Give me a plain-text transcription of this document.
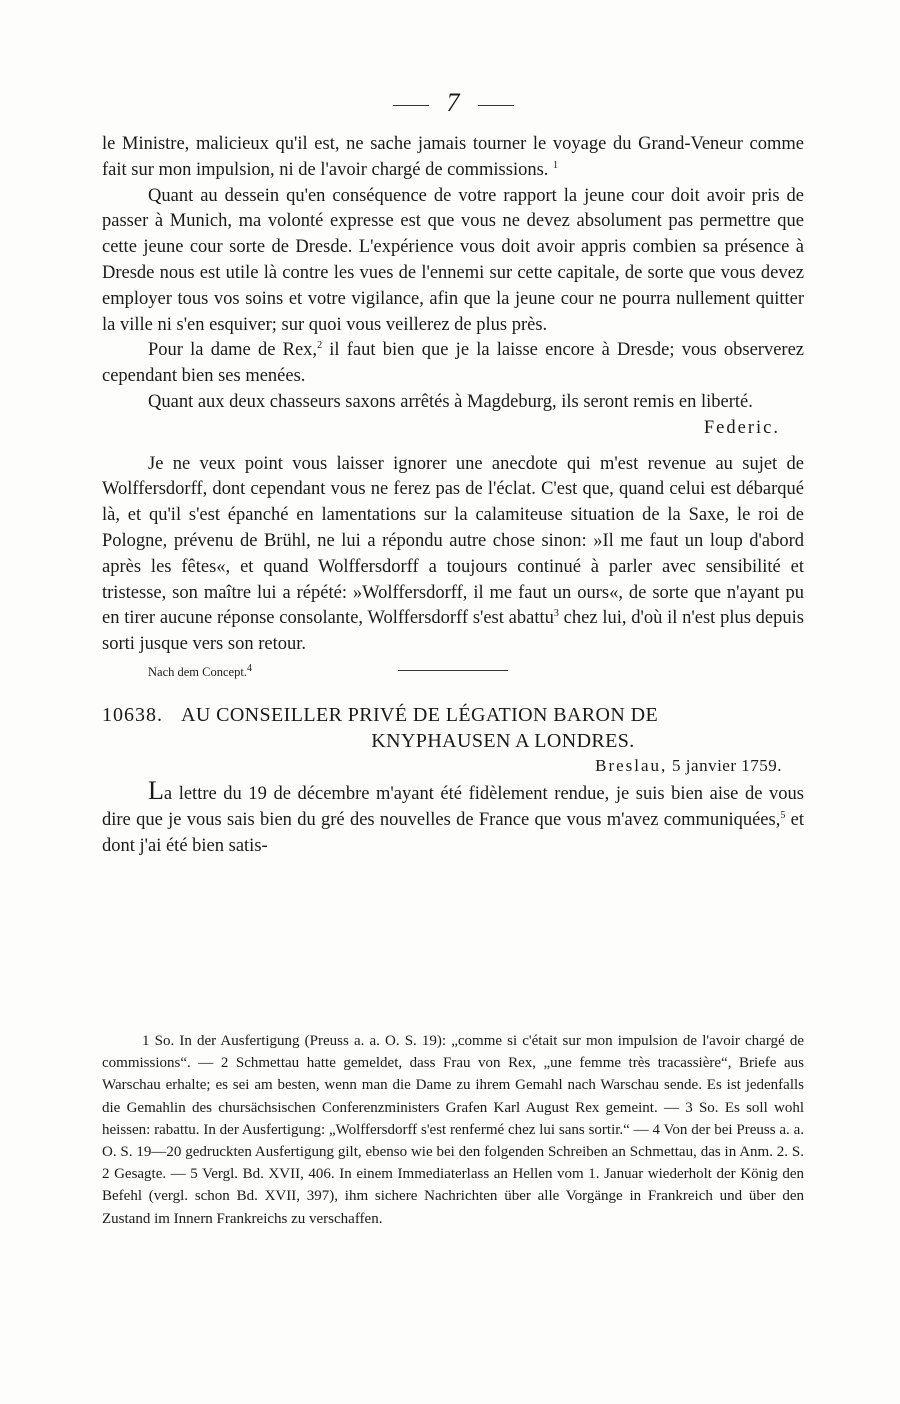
7

le Ministre, malicieux qu'il est, ne sache jamais tourner le voyage du Grand-Veneur comme fait sur mon impulsion, ni de l'avoir chargé de commissions. $^1$

Quant au dessein qu'en conséquence de votre rapport la jeune cour doit avoir pris de passer à Munich, ma volonté expresse est que vous ne devez absolument pas permettre que cette jeune cour sorte de Dresde. L'expérience vous doit avoir appris combien sa présence à Dresde nous est utile là contre les vues de l'ennemi sur cette capitale, de sorte que vous devez employer tous vos soins et votre vigilance, afin que la jeune cour ne pourra nullement quitter la ville ni s'en esquiver; sur quoi vous veillerez de plus près.

Pour la dame de Rex,$^2$ il faut bien que je la laisse encore à Dresde; vous observerez cependant bien ses menées.

Quant aux deux chasseurs saxons arrêtés à Magdeburg, ils seront remis en liberté.

Federic.

Je ne veux point vous laisser ignorer une anecdote qui m'est revenue au sujet de Wolffersdorff, dont cependant vous ne ferez pas de l'éclat. C'est que, quand celui est débarqué là, et qu'il s'est épanché en lamentations sur la calamiteuse situation de la Saxe, le roi de Pologne, prévenu de Brühl, ne lui a répondu autre chose sinon: »Il me faut un loup d'abord après les fêtes«, et quand Wolffersdorff a toujours continué à parler avec sensibilité et tristesse, son maître lui a répété: »Wolffersdorff, il me faut un ours«, de sorte que n'ayant pu en tirer aucune réponse consolante, Wolffersdorff s'est abattu$^3$ chez lui, d'où il n'est plus depuis sorti jusque vers son retour.

Nach dem Concept.$^4$
10638. AU CONSEILLER PRIVÉ DE LÉGATION BARON DE
KNYPHAUSEN A LONDRES.
Breslau, 5 janvier 1759.

La lettre du 19 de décembre m'ayant été fidèlement rendue, je suis bien aise de vous dire que je vous sais bien du gré des nouvelles de France que vous m'avez communiquées,$^5$ et dont j'ai été bien satis-

1 So. In der Ausfertigung (Preuss a. a. O. S. 19): „comme si c'était sur mon impulsion de l'avoir chargé de commissions“. — 2 Schmettau hatte gemeldet, dass Frau von Rex, „une femme très tracassière“, Briefe aus Warschau erhalte; es sei am besten, wenn man die Dame zu ihrem Gemahl nach Warschau sende. Es ist jedenfalls die Gemahlin des chursächsischen Conferenzministers Grafen Karl August Rex gemeint. — 3 So. Es soll wohl heissen: rabattu. In der Ausfertigung: „Wolffersdorff s'est renfermé chez lui sans sortir.“ — 4 Von der bei Preuss a. a. O. S. 19—20 gedruckten Ausfertigung gilt, ebenso wie bei den folgenden Schreiben an Schmettau, das in Anm. 2. S. 2 Gesagte. — 5 Vergl. Bd. XVII, 406. In einem Immediaterlass an Hellen vom 1. Januar wiederholt der König den Befehl (vergl. schon Bd. XVII, 397), ihm sichere Nachrichten über alle Vorgänge in Frankreich und über den Zustand im Innern Frankreichs zu verschaffen.
